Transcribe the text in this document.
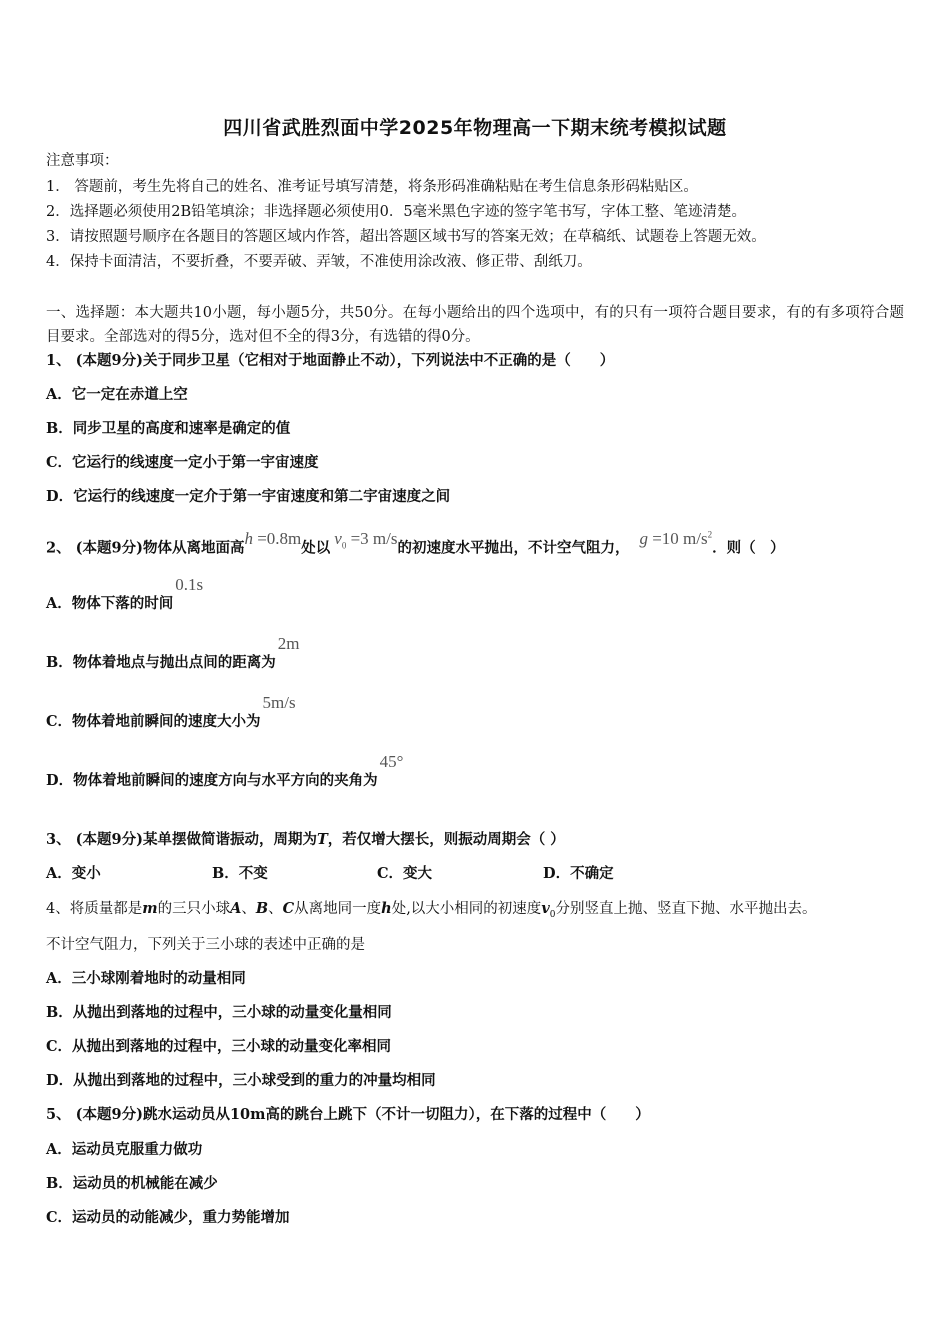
四川省武胜烈面中学2025年物理高一下期末统考模拟试题
注意事项：
1． 答题前，考生先将自己的姓名、准考证号填写清楚，将条形码准确粘贴在考生信息条形码粘贴区。
2．选择题必须使用2B铅笔填涂；非选择题必须使用0．5毫米黑色字迹的签字笔书写，字体工整、笔迹清楚。
3．请按照题号顺序在各题目的答题区域内作答，超出答题区域书写的答案无效；在草稿纸、试题卷上答题无效。
4．保持卡面清洁，不要折叠，不要弄破、弄皱，不准使用涂改液、修正带、刮纸刀。
一、选择题：本大题共10小题，每小题5分，共50分。在每小题给出的四个选项中，有的只有一项符合题目要求，有的有多项符合题目要求。全部选对的得5分，选对但不全的得3分，有选错的得0分。
1、 (本题9分)关于同步卫星（它相对于地面静止不动），下列说法中不正确的是（　　）
A．它一定在赤道上空
B．同步卫星的高度和速率是确定的值
C．它运行的线速度一定小于第一宇宙速度
D．它运行的线速度一定介于第一宇宙速度和第二宇宙速度之间
2、 (本题9分)物体从离地面高h =0.8m处以$v_0 =3$ m/s的初速度水平抛出，不计空气阻力，g =10 $m/s^2$．则（　）
A．物体下落的时间0.1s
B．物体着地点与抛出点间的距离为2m
C．物体着地前瞬间的速度大小为5m/s
D．物体着地前瞬间的速度方向与水平方向的夹角为45°
3、 (本题9分)某单摆做简谐振动，周期为T，若仅增大摆长，则振动周期会（ ）
A．变小	B．不变	C．变大	D．不确定
4、将质量都是m的三只小球A、B、C从离地同一度h处,以大小相同的初速度$v_0$分别竖直上抛、竖直下抛、水平抛出去。
不计空气阻力，下列关于三小球的表述中正确的是
A．三小球刚着地时的动量相同
B．从抛出到落地的过程中，三小球的动量变化量相同
C．从抛出到落地的过程中，三小球的动量变化率相同
D．从抛出到落地的过程中，三小球受到的重力的冲量均相同
5、 (本题9分)跳水运动员从10m高的跳台上跳下（不计一切阻力），在下落的过程中（　　）
A．运动员克服重力做功
B．运动员的机械能在减少
C．运动员的动能减少，重力势能增加
